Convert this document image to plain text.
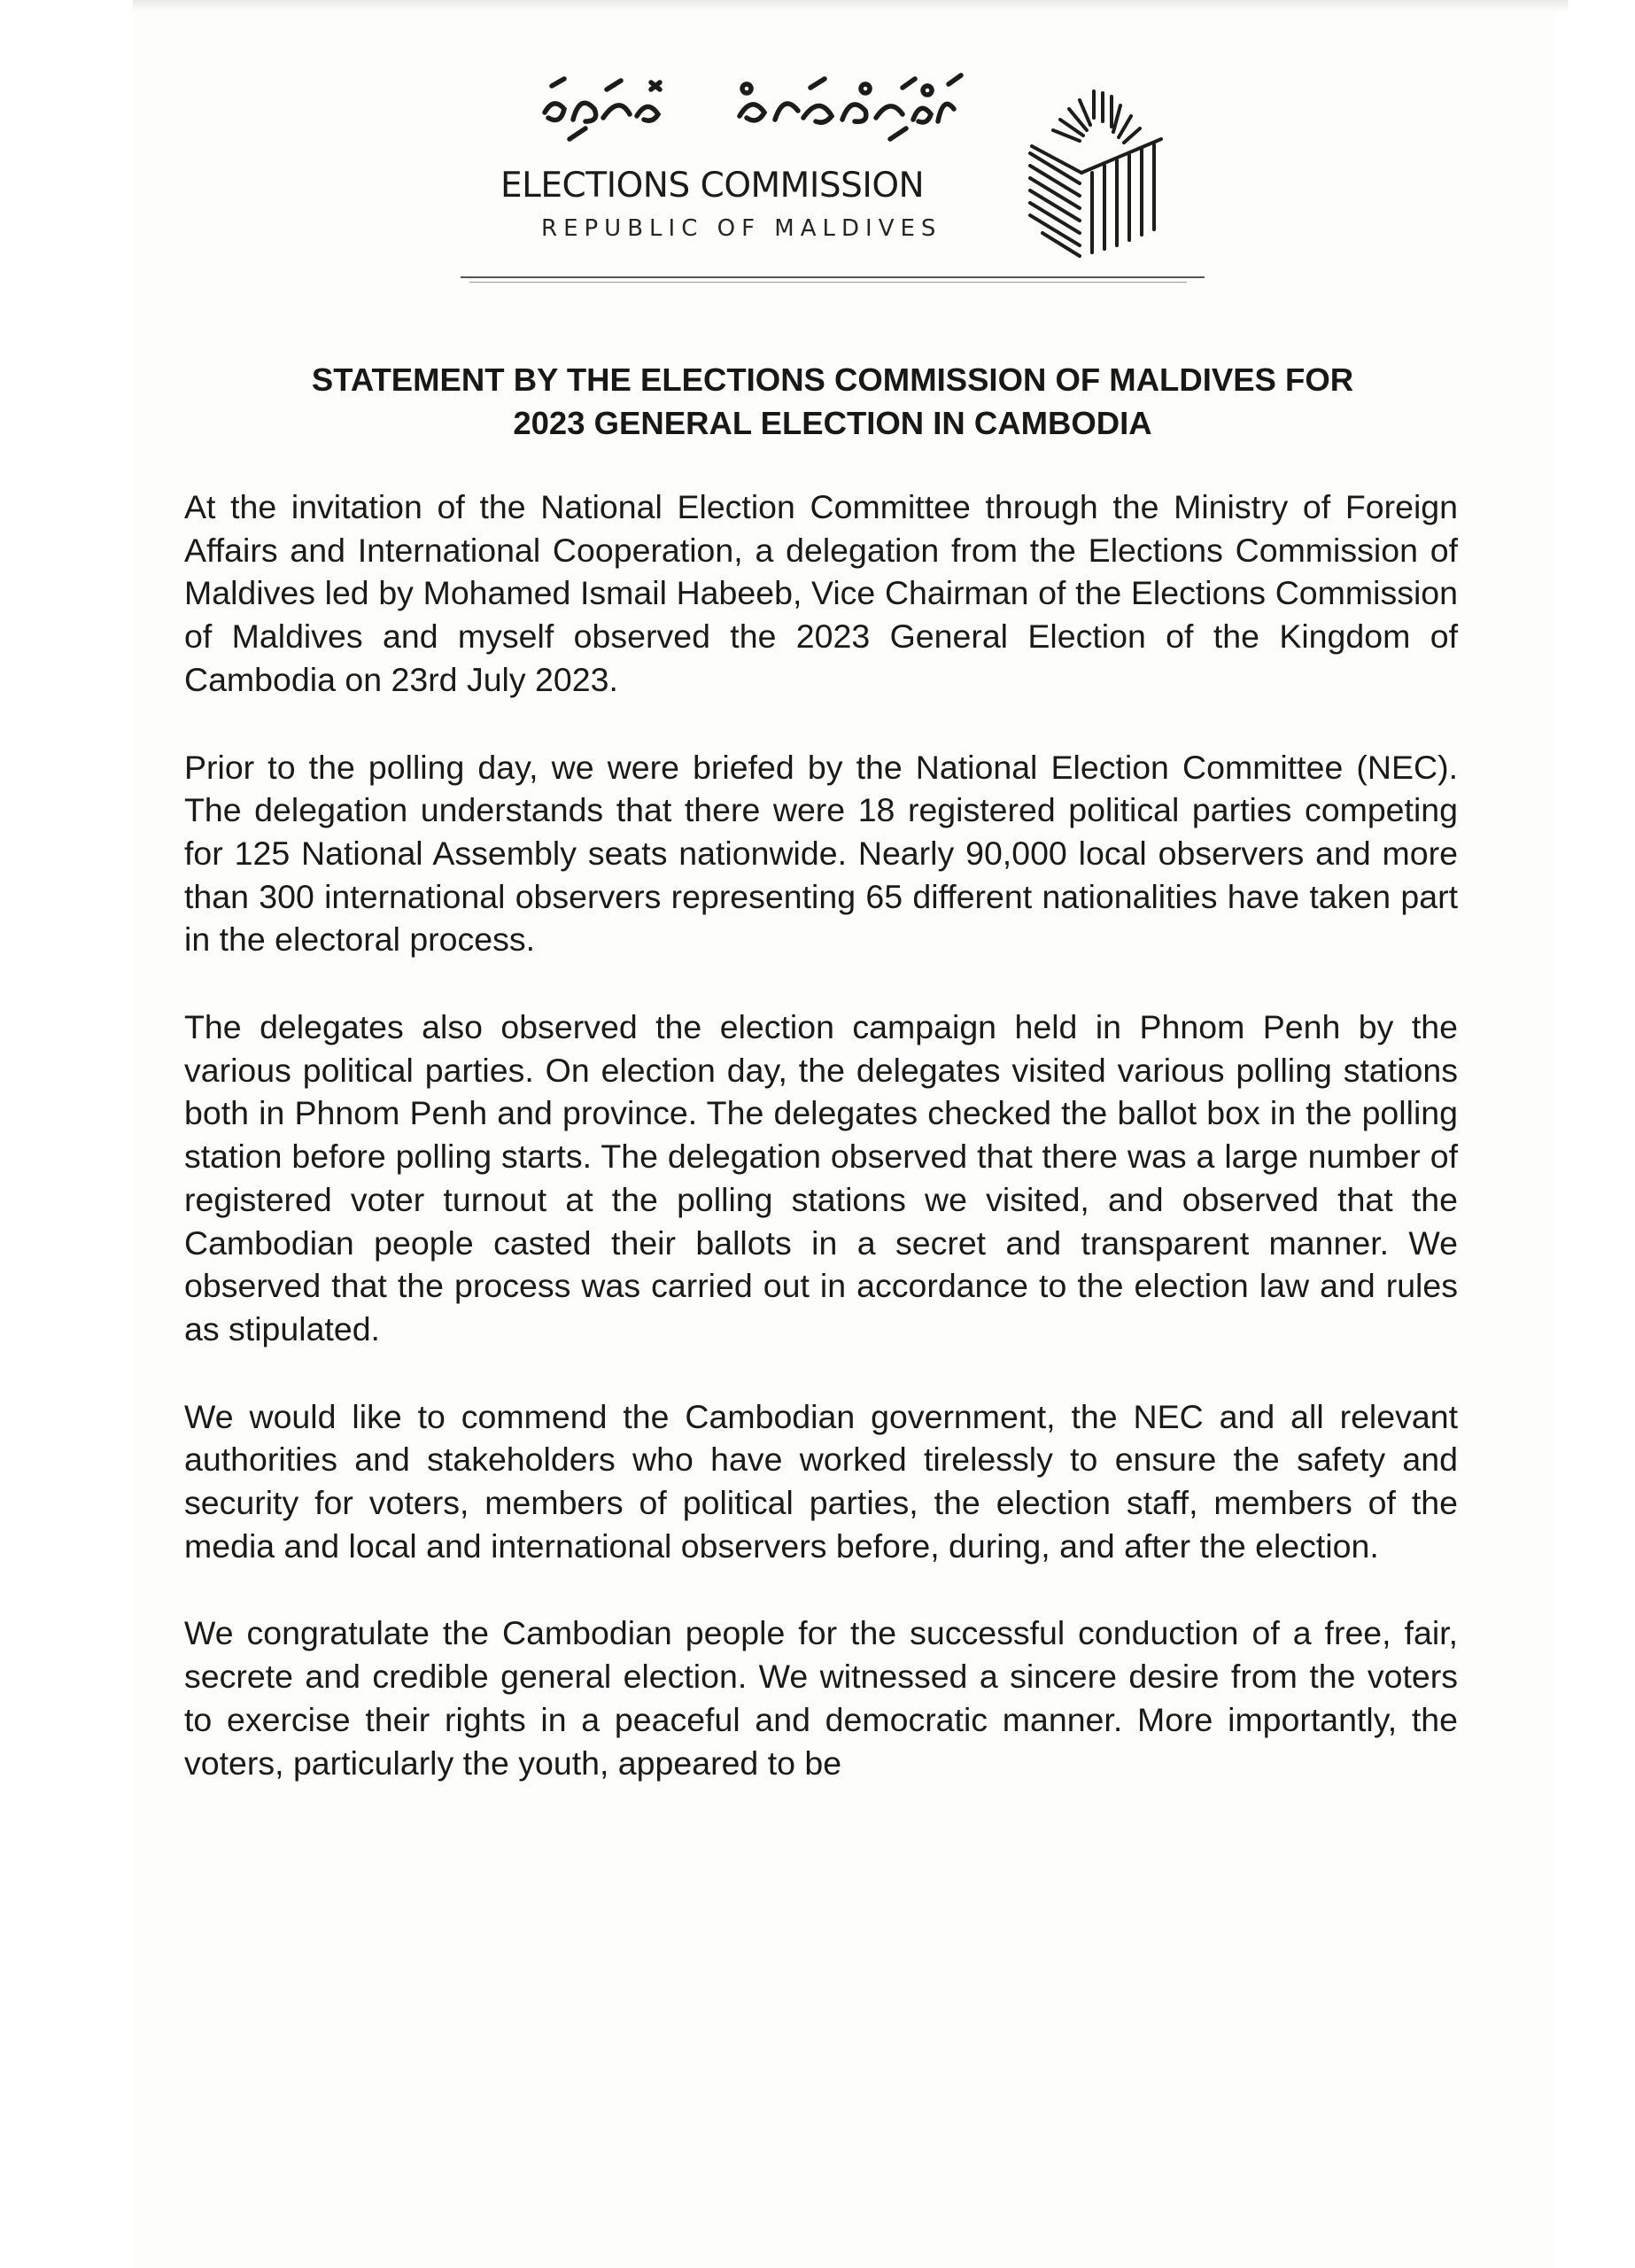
ELECTIONS COMMISSION
REPUBLIC OF MALDIVES
STATEMENT BY THE ELECTIONS COMMISSION OF MALDIVES FOR
2023 GENERAL ELECTION IN CAMBODIA

At the invitation of the National Election Committee through the Ministry of Foreign Affairs and International Cooperation, a delegation from the Elections Commission of Maldives led by Mohamed Ismail Habeeb, Vice Chairman of the Elections Commission of Maldives and myself observed the 2023 General Election of the Kingdom of Cambodia on 23rd July 2023.

Prior to the polling day, we were briefed by the National Election Committee (NEC). The delegation understands that there were 18 registered political parties competing for 125 National Assembly seats nationwide. Nearly 90,000 local observers and more than 300 international observers representing 65 different nationalities have taken part in the electoral process.

The delegates also observed the election campaign held in Phnom Penh by the various political parties. On election day, the delegates visited various polling stations both in Phnom Penh and province. The delegates checked the ballot box in the polling station before polling starts. The delegation observed that there was a large number of registered voter turnout at the polling stations we visited, and observed that the Cambodian people casted their ballots in a secret and transparent manner. We observed that the process was carried out in accordance to the election law and rules as stipulated.

We would like to commend the Cambodian government, the NEC and all relevant authorities and stakeholders who have worked tirelessly to ensure the safety and security for voters, members of political parties, the election staff, members of the media and local and international observers before, during, and after the election.

We congratulate the Cambodian people for the successful conduction of a free, fair, secrete and credible general election. We witnessed a sincere desire from the voters to exercise their rights in a peaceful and democratic manner. More importantly, the voters, particularly the youth, appeared to be
